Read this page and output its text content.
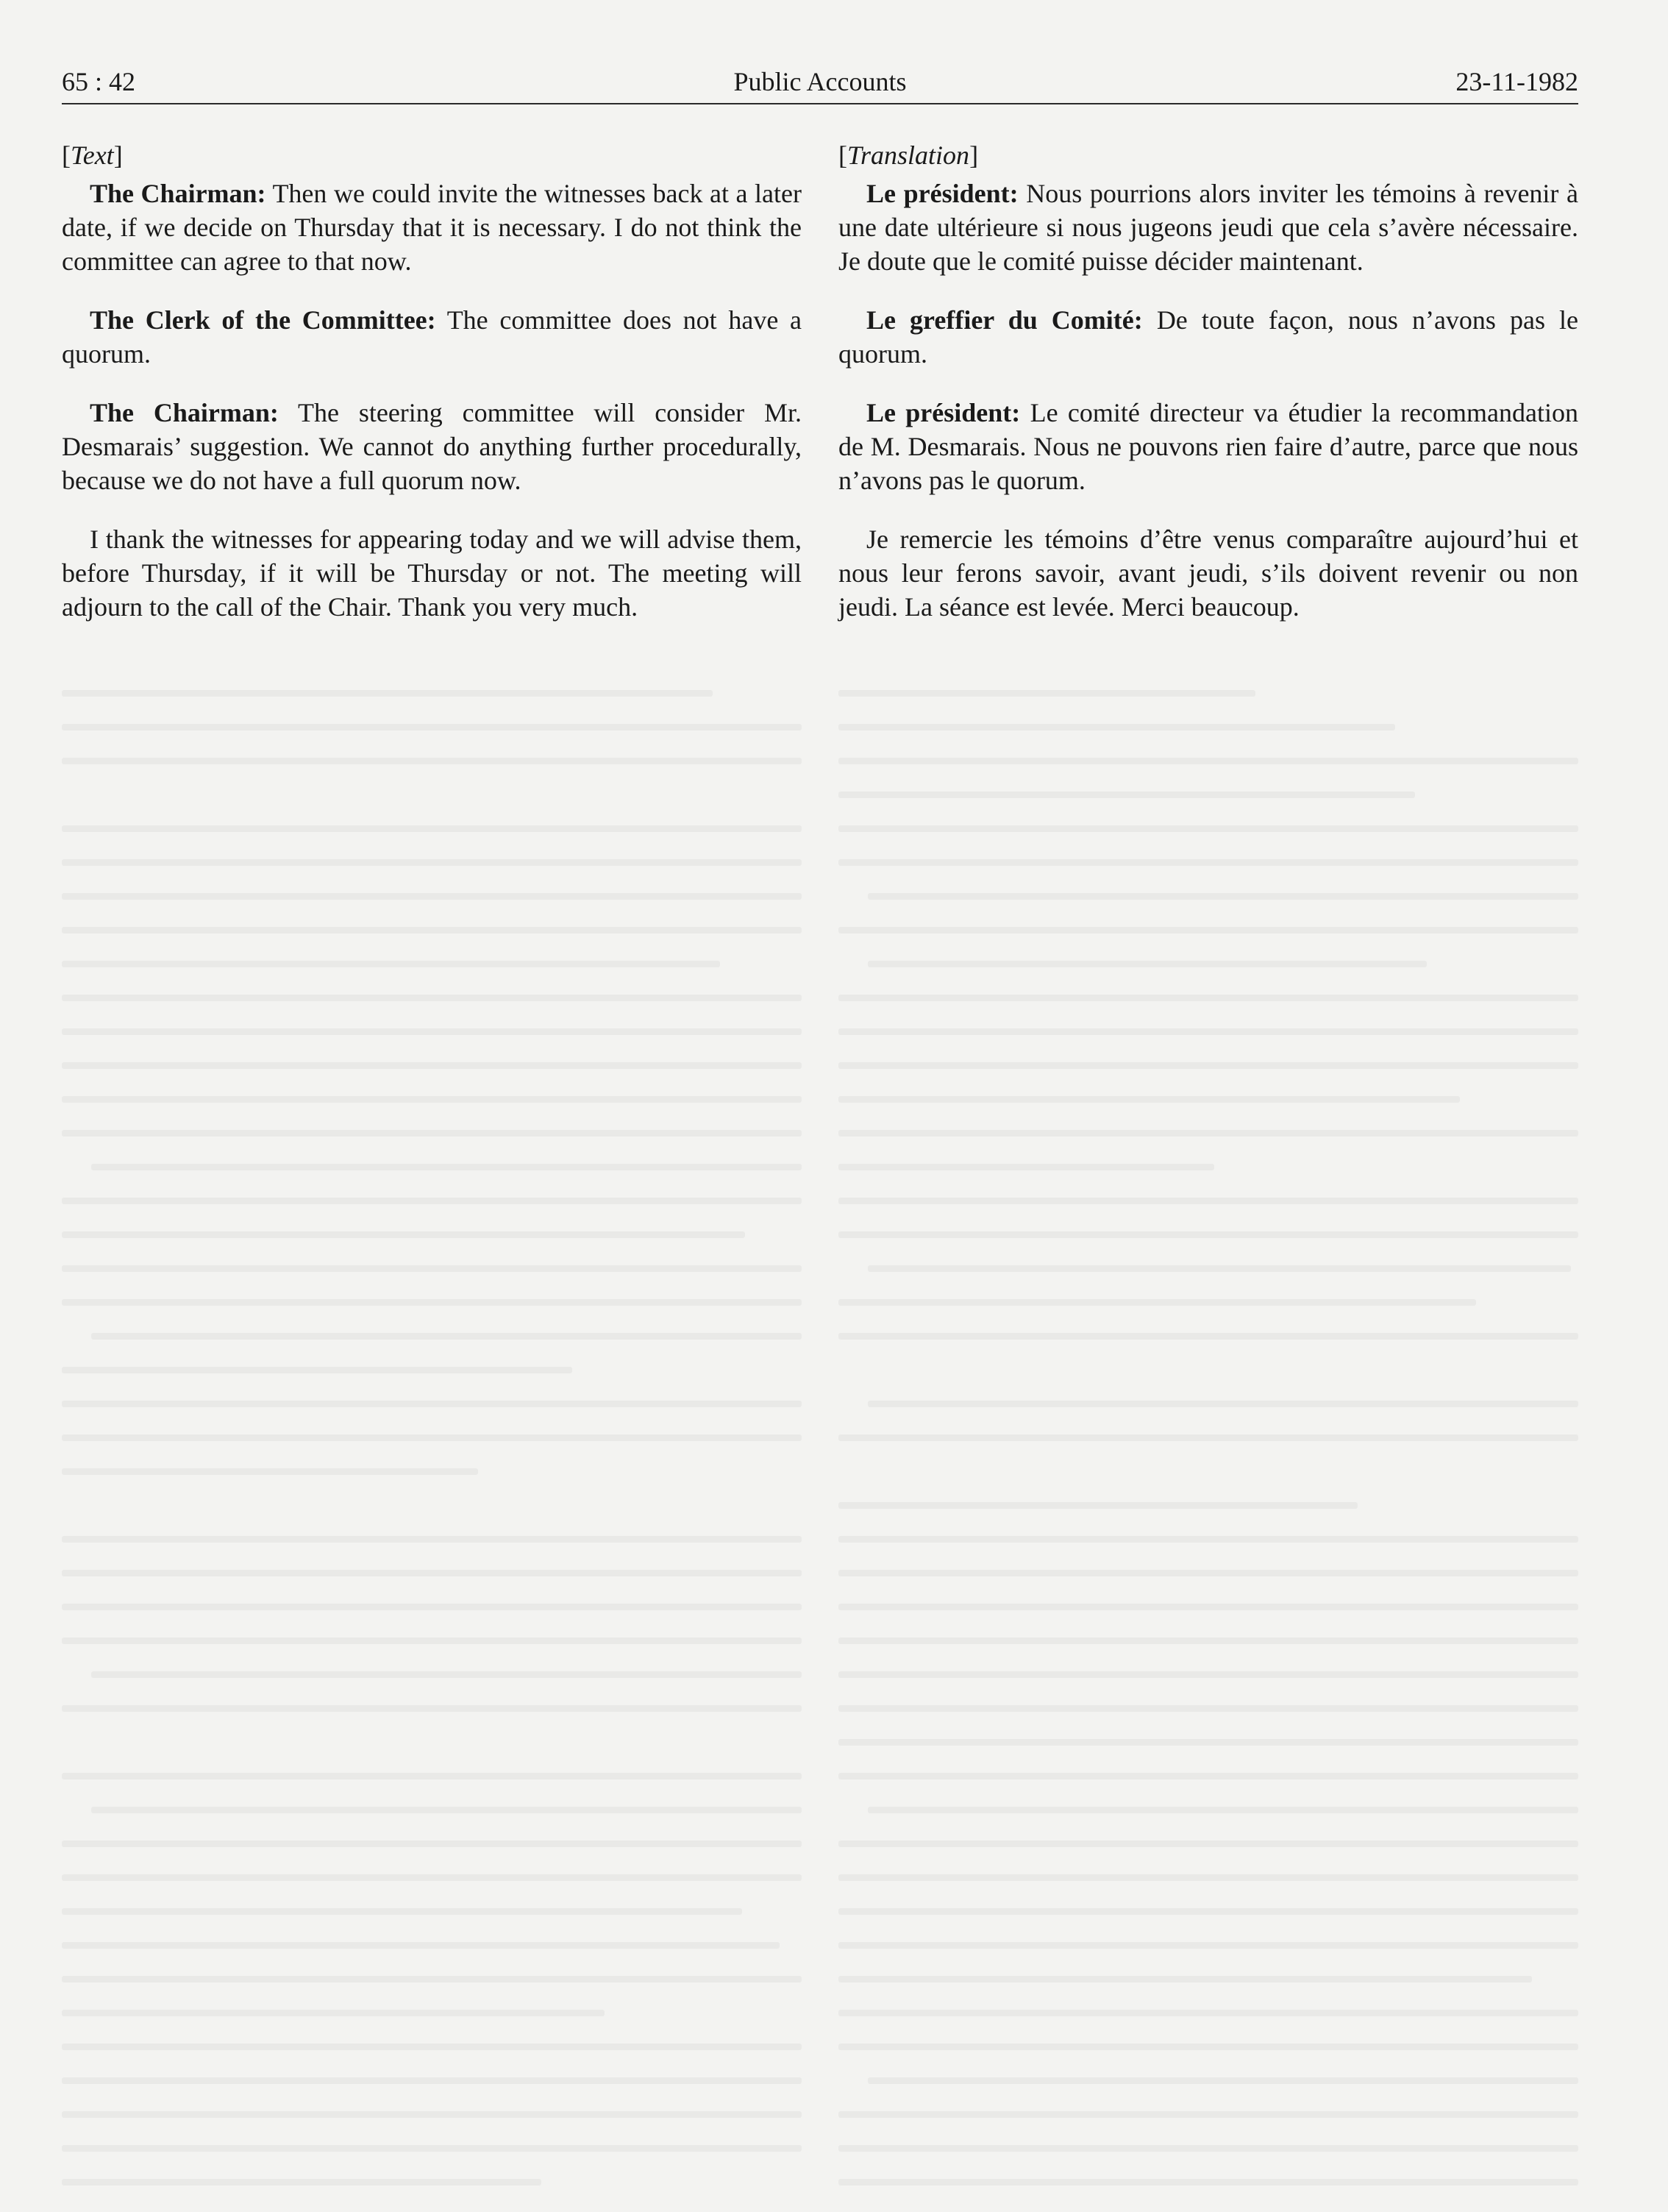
65 : 42	Public Accounts	23-11-1982
[Text]

The Chairman: Then we could invite the witnesses back at a later date, if we decide on Thursday that it is necessary. I do not think the committee can agree to that now.

The Clerk of the Committee: The committee does not have a quorum.

The Chairman: The steering committee will consider Mr. Desmarais’ suggestion. We cannot do anything further procedurally, because we do not have a full quorum now.

I thank the witnesses for appearing today and we will advise them, before Thursday, if it will be Thursday or not. The meeting will adjourn to the call of the Chair. Thank you very much.

[Translation]

Le président: Nous pourrions alors inviter les témoins à revenir à une date ultérieure si nous jugeons jeudi que cela s’avère nécessaire. Je doute que le comité puisse décider maintenant.

Le greffier du Comité: De toute façon, nous n’avons pas le quorum.

Le président: Le comité directeur va étudier la recommandation de M. Desmarais. Nous ne pouvons rien faire d’autre, parce que nous n’avons pas le quorum.

Je remercie les témoins d’être venus comparaître aujourd’hui et nous leur ferons savoir, avant jeudi, s’ils doivent revenir ou non jeudi. La séance est levée. Merci beaucoup.
